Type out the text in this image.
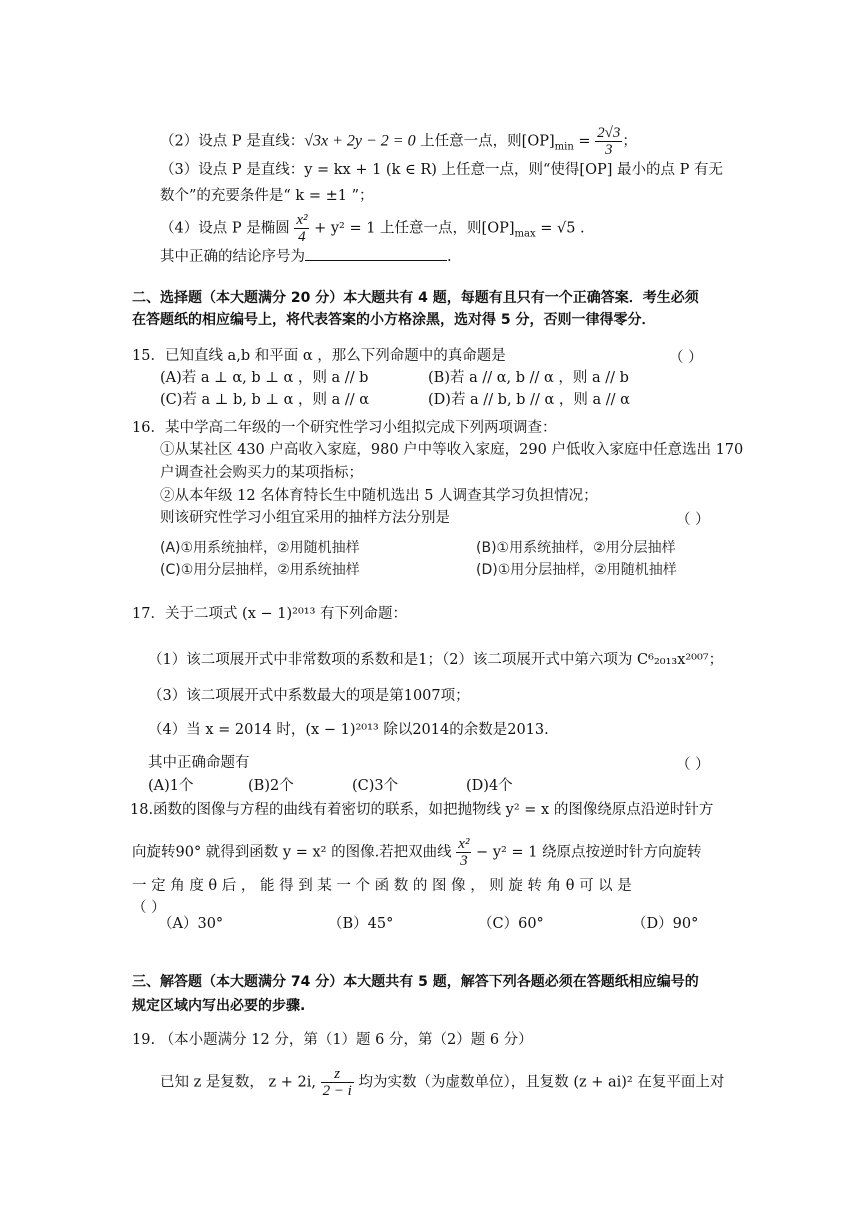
（2）设点 P 是直线：√3x + 2y − 2 = 0 上任意一点，则$[OP]_{min} = \frac{2√3}{3}$ ；
（3）设点 P 是直线：y = kx + 1 (k ∈ R) 上任意一点，则“使得[OP] 最小的点 P 有无
数个”的充要条件是“ k = ±1 ”；
（4）设点 P 是椭圆 $\frac{\text{x²}}{4} + y^2 = 1$ 上任意一点，则$[OP]_{max} = √5$ .
其中正确的结论序号为	.
二、选择题（本大题满分 20 分）本大题共有 4 题，每题有且只有一个正确答案．考生必须
在答题纸的相应编号上，将代表答案的小方格涂黑，选对得 5 分，否则一律得零分．
15．已知直线 a,b 和平面 α ，那么下列命题中的真命题是	（ ）
(A)若 a ⊥ α, b ⊥ α ，则 a // b	(B)若 a // α, b // α ，则 a // b
(C)若 a ⊥ b, b ⊥ α ，则 a // α	(D)若 a // b, b // α ，则 a // α
16．某中学高二年级的一个研究性学习小组拟完成下列两项调查：
①从某社区 430 户高收入家庭，980 户中等收入家庭，290 户低收入家庭中任意选出 170
户调查社会购买力的某项指标；
②从本年级 12 名体育特长生中随机选出 5 人调查其学习负担情况；
则该研究性学习小组宜采用的抽样方法分别是	（ ）
(A)①用系统抽样，②用随机抽样	(B)①用系统抽样，②用分层抽样
(C)①用分层抽样，②用系统抽样	(D)①用分层抽样，②用随机抽样
17．关于二项式 (x − 1)²⁰¹³ 有下列命题：
（1）该二项展开式中非常数项的系数和是1；（2）该二项展开式中第六项为 C⁶₂₀₁₃x²⁰⁰⁷；
（3）该二项展开式中系数最大的项是第1007项；
（4）当 x = 2014 时，(x − 1)²⁰¹³ 除以2014的余数是2013.
其中正确命题有	（ ）
(A)1个	(B)2个	(C)3个	(D)4个
18.函数的图像与方程的曲线有着密切的联系，如把抛物线 y² = x 的图像绕原点沿逆时针方
向旋转90° 就得到函数 y = x² 的图像.若把双曲线 $\frac{\text{x²}}{3} - y^2 = 1$ 绕原点按逆时针方向旋转
一 定 角 度 θ 后 ， 能 得 到 某 一 个 函 数 的 图 像 ， 则 旋 转 角 θ 可 以 是
（ ）
（A）30°	（B）45°	（C）60°	（D）90°
三、解答题（本大题满分 74 分）本大题共有 5 题，解答下列各题必须在答题纸相应编号的
规定区域内写出必要的步骤.
19. （本小题满分 12 分，第（1）题 6 分，第（2）题 6 分）
已知 z 是复数， z + 2i, $\frac{z}{2 - i}$ 均为实数（为虚数单位），且复数 (z + ai)² 在复平面上对
